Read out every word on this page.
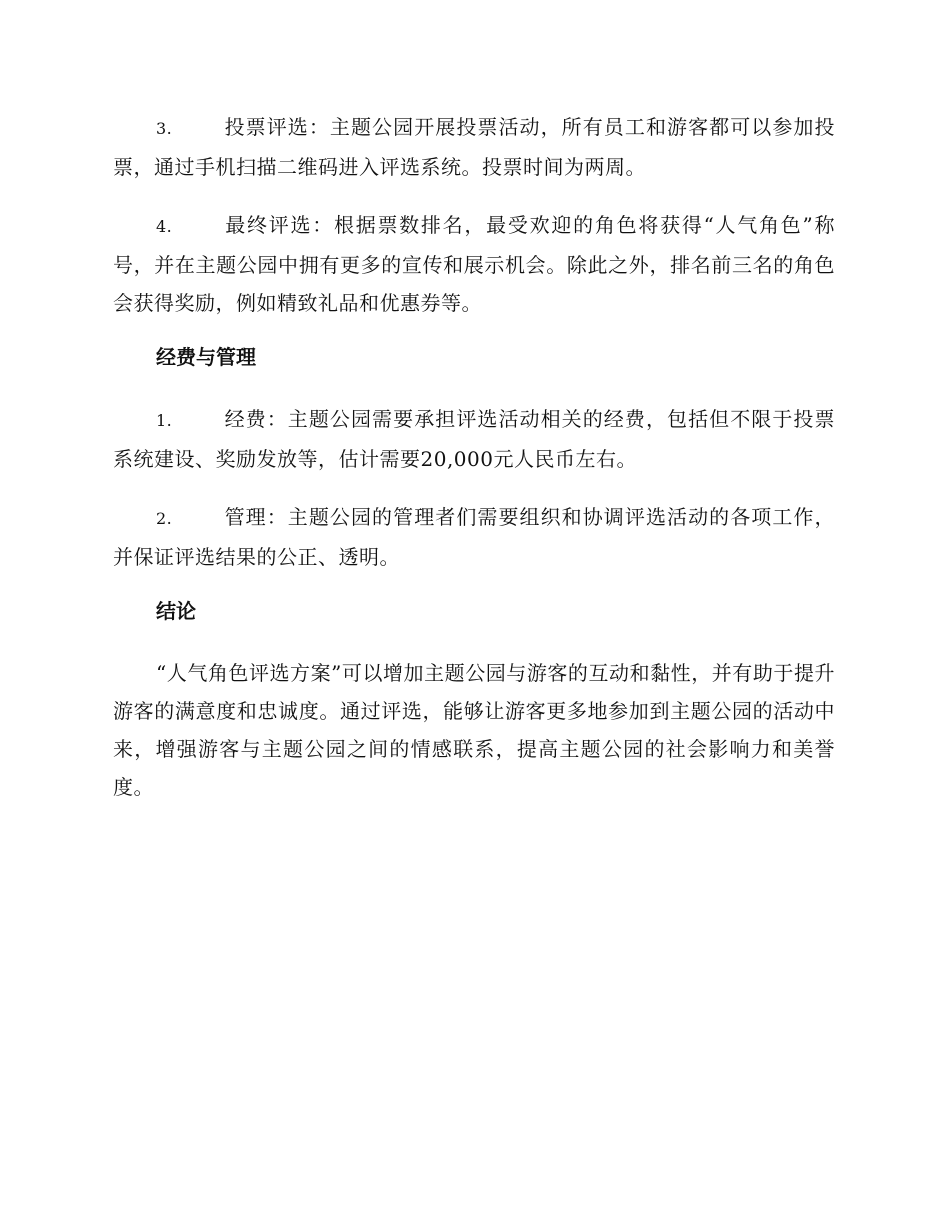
3.	投票评选：主题公园开展投票活动，所有员工和游客都可以参加投票，通过手机扫描二维码进入评选系统。投票时间为两周。

4.	最终评选：根据票数排名，最受欢迎的角色将获得“人气角色”称号，并在主题公园中拥有更多的宣传和展示机会。除此之外，排名前三名的角色会获得奖励，例如精致礼品和优惠券等。

经费与管理

1.	经费：主题公园需要承担评选活动相关的经费，包括但不限于投票系统建设、奖励发放等，估计需要20,000元人民币左右。

2.	管理：主题公园的管理者们需要组织和协调评选活动的各项工作，并保证评选结果的公正、透明。

结论

“人气角色评选方案”可以增加主题公园与游客的互动和黏性，并有助于提升游客的满意度和忠诚度。通过评选，能够让游客更多地参加到主题公园的活动中来，增强游客与主题公园之间的情感联系，提高主题公园的社会影响力和美誉度。
